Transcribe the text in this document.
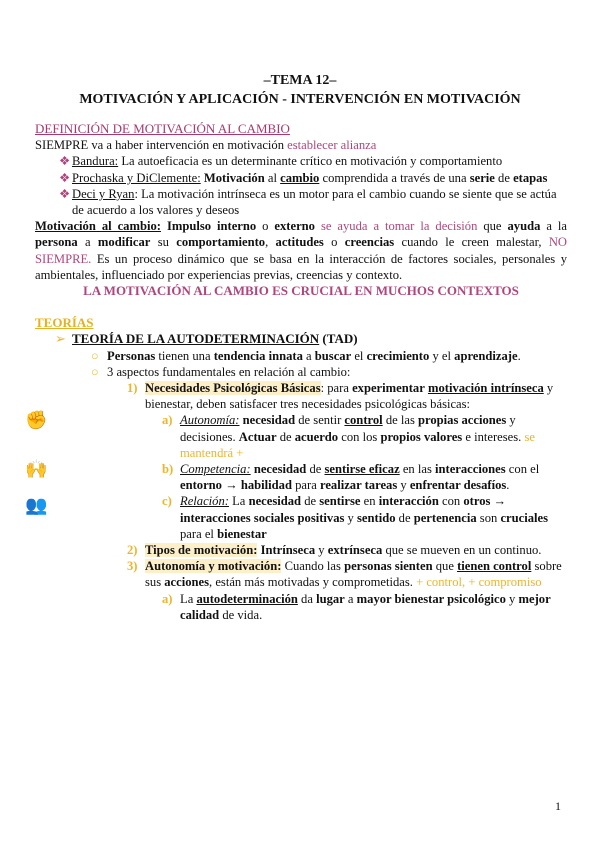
–TEMA 12–
MOTIVACIÓN Y APLICACIÓN - INTERVENCIÓN EN MOTIVACIÓN
DEFINICIÓN DE MOTIVACIÓN AL CAMBIO
SIEMPRE va a haber intervención en motivación establecer alianza
❖ Bandura: La autoeficacia es un determinante crítico en motivación y comportamiento
❖ Prochaska y DiClemente: Motivación al cambio comprendida a través de una serie de etapas
❖ Deci y Ryan: La motivación intrínseca es un motor para el cambio cuando se siente que se actúa de acuerdo a los valores y deseos
Motivación al cambio: Impulso interno o externo se ayuda a tomar la decisión que ayuda a la persona a modificar su comportamiento, actitudes o creencias cuando le creen malestar, NO SIEMPRE. Es un proceso dinámico que se basa en la interacción de factores sociales, personales y ambientales, influenciado por experiencias previas, creencias y contexto.
LA MOTIVACIÓN AL CAMBIO ES CRUCIAL EN MUCHOS CONTEXTOS
TEORÍAS
➢ TEORÍA DE LA AUTODETERMINACIÓN (TAD)
○ Personas tienen una tendencia innata a buscar el crecimiento y el aprendizaje.
○ 3 aspectos fundamentales en relación al cambio:
1) Necesidades Psicológicas Básicas: para experimentar motivación intrínseca y bienestar, deben satisfacer tres necesidades psicológicas básicas:
✊	a) Autonomía: necesidad de sentir control de las propias acciones y decisiones. Actuar de acuerdo con los propios valores e intereses. se mantendrá +
🙌	b) Competencia: necesidad de sentirse eficaz en las interacciones con el entorno → habilidad para realizar tareas y enfrentar desafíos.
👥	c) Relación: La necesidad de sentirse en interacción con otros → interacciones sociales positivas y sentido de pertenencia son cruciales para el bienestar
2) Tipos de motivación: Intrínseca y extrínseca que se mueven en un continuo.
3) Autonomía y motivación: Cuando las personas sienten que tienen control sobre sus acciones, están más motivadas y comprometidas. + control, + compromiso
a) La autodeterminación da lugar a mayor bienestar psicológico y mejor calidad de vida.
1
